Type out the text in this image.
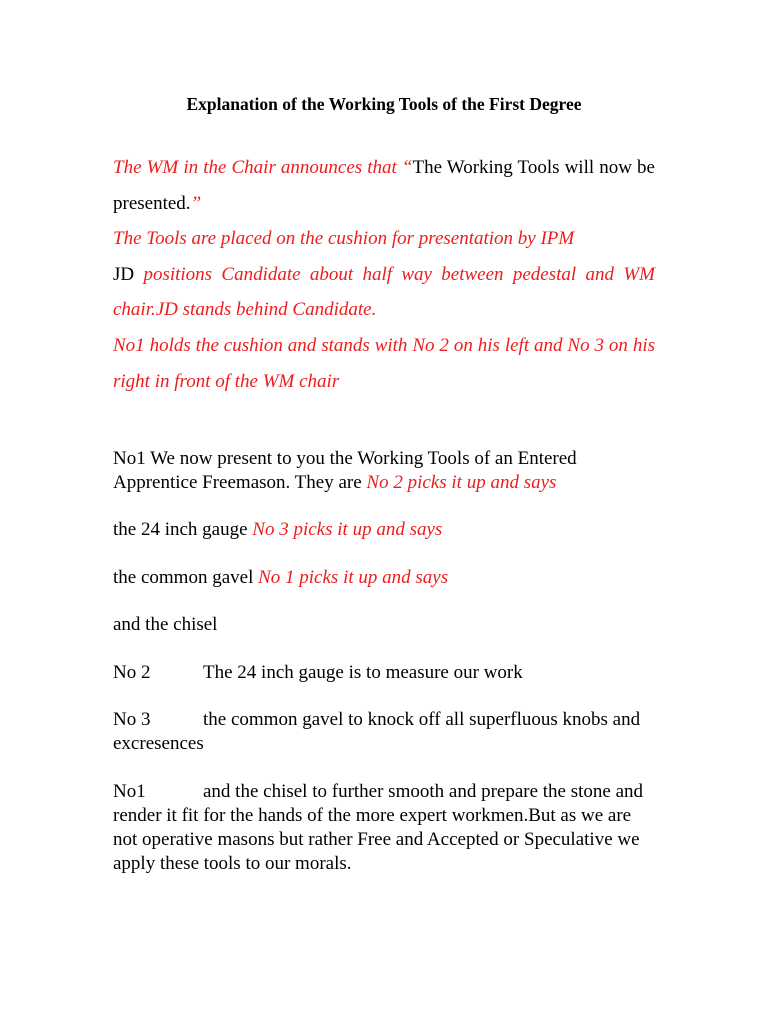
Explanation of the Working Tools of the First Degree

The WM in the Chair announces that “The Working Tools will now be presented.”

The Tools are placed on the cushion for presentation by IPM

JD positions Candidate about half way between pedestal and WM chair.JD stands behind Candidate.

No1 holds the cushion and stands with No 2 on his left and No 3 on his right in front of the WM chair

No1 We now present to you the Working Tools of an Entered Apprentice Freemason. They are No 2 picks it up and says

the 24 inch gauge No 3 picks it up and says

the common gavel No 1 picks it up and says

and the chisel

No 2	The 24 inch gauge is to measure our work

No 3	the common gavel to knock off all superfluous knobs and excresences

No1	and the chisel to further smooth and prepare the stone and render it fit for the hands of the more expert workmen.But as we are not operative masons but rather Free and Accepted or Speculative we apply these tools to our morals.
